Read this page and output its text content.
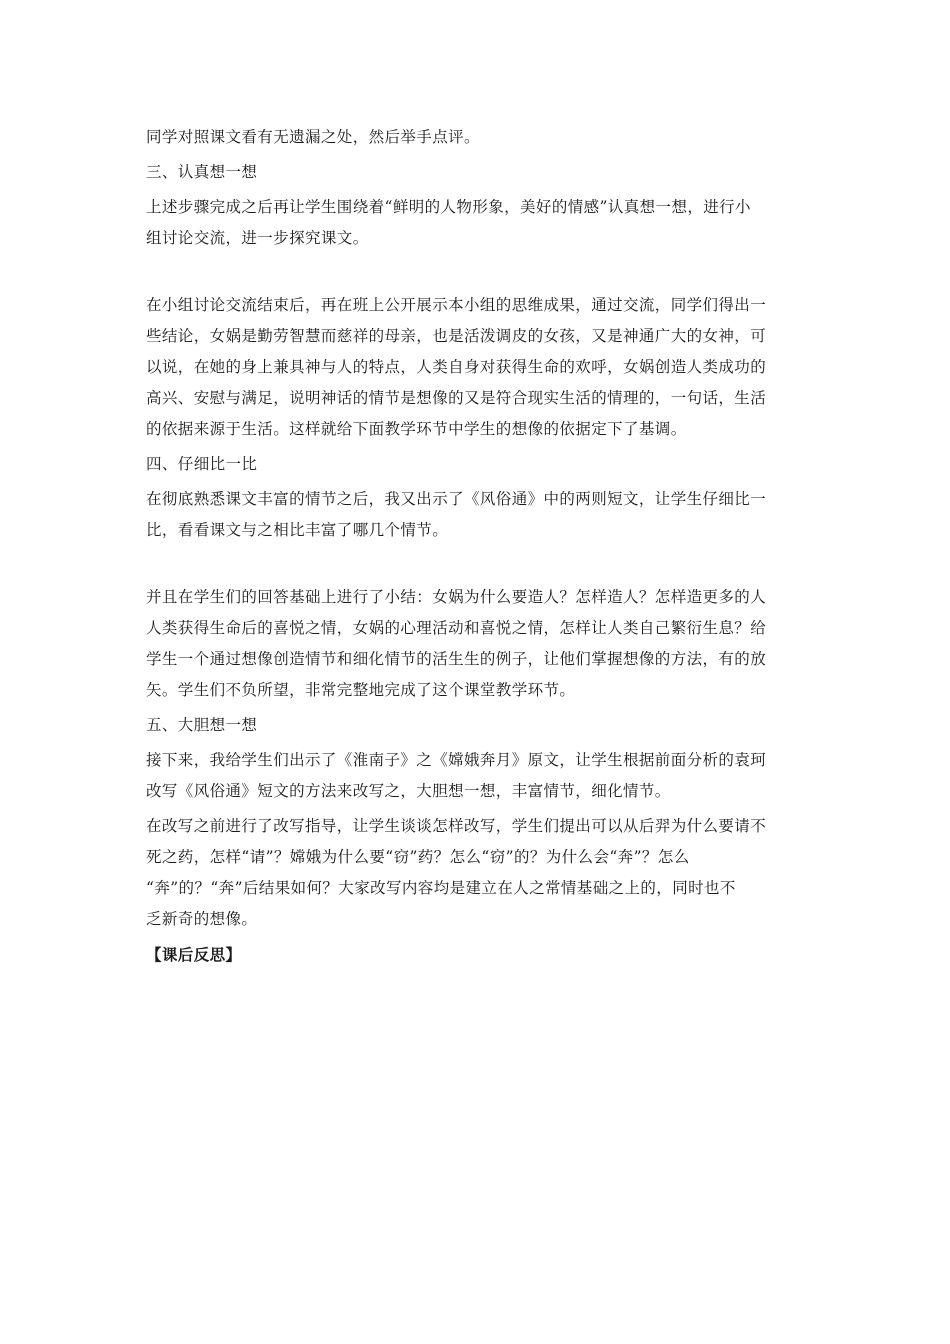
同学对照课文看有无遗漏之处，然后举手点评。
三、认真想一想
上述步骤完成之后再让学生围绕着“鲜明的人物形象，美好的情感”认真想一想，进行小
组讨论交流，进一步探究课文。
在小组讨论交流结束后，再在班上公开展示本小组的思维成果，通过交流，同学们得出一
些结论，女娲是勤劳智慧而慈祥的母亲，也是活泼调皮的女孩，又是神通广大的女神，可
以说，在她的身上兼具神与人的特点，人类自身对获得生命的欢呼，女娲创造人类成功的
高兴、安慰与满足，说明神话的情节是想像的又是符合现实生活的情理的，一句话，生活
的依据来源于生活。这样就给下面教学环节中学生的想像的依据定下了基调。
四、仔细比一比
在彻底熟悉课文丰富的情节之后，我又出示了《风俗通》中的两则短文，让学生仔细比一
比，看看课文与之相比丰富了哪几个情节。
并且在学生们的回答基础上进行了小结：女娲为什么要造人？怎样造人？怎样造更多的人
人类获得生命后的喜悦之情，女娲的心理活动和喜悦之情，怎样让人类自己繁衍生息？给
学生一个通过想像创造情节和细化情节的活生生的例子，让他们掌握想像的方法，有的放
矢。学生们不负所望，非常完整地完成了这个课堂教学环节。
五、大胆想一想
接下来，我给学生们出示了《淮南子》之《嫦娥奔月》原文，让学生根据前面分析的袁珂
改写《风俗通》短文的方法来改写之，大胆想一想，丰富情节，细化情节。
在改写之前进行了改写指导，让学生谈谈怎样改写，学生们提出可以从后羿为什么要请不
死之药，怎样“请”？嫦娥为什么要“窃”药？怎么“窃”的？为什么会“奔”？怎么
“奔”的？“奔”后结果如何？大家改写内容均是建立在人之常情基础之上的，同时也不
乏新奇的想像。
【课后反思】
